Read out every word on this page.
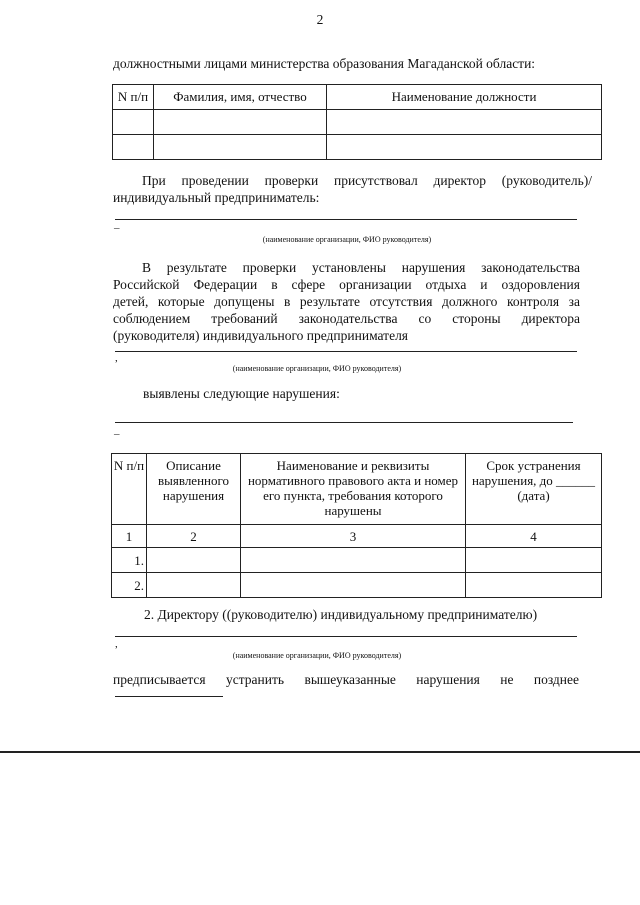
2
должностными лицами министерства образования Магаданской области:
N п/п	Фамилия, имя, отчество	Наименование должности

При проведении проверки присутствовал директор (руководитель)/
индивидуальный предприниматель:
–
(наименование организации, ФИО руководителя)
В результате проверки установлены нарушения законодательства
Российской Федерации в сфере организации отдыха и оздоровления
детей, которые допущены в результате отсутствия должного контроля за
соблюдением требований законодательства со стороны директора
(руководителя) индивидуального предпринимателя
,
(наименование организации, ФИО руководителя)
выявлены следующие нарушения:
–
N п/п	Описание выявленного нарушения	Наименование и реквизиты нормативного правового акта и номер его пункта, требования которого нарушены	Срок устранения нарушения, до ______ (дата)
1	2	3	4
1.			
2.			
2. Директору ((руководителю) индивидуальному предпринимателю)
,
(наименование организации, ФИО руководителя)
предписывается устранить вышеуказанные нарушения не позднее
